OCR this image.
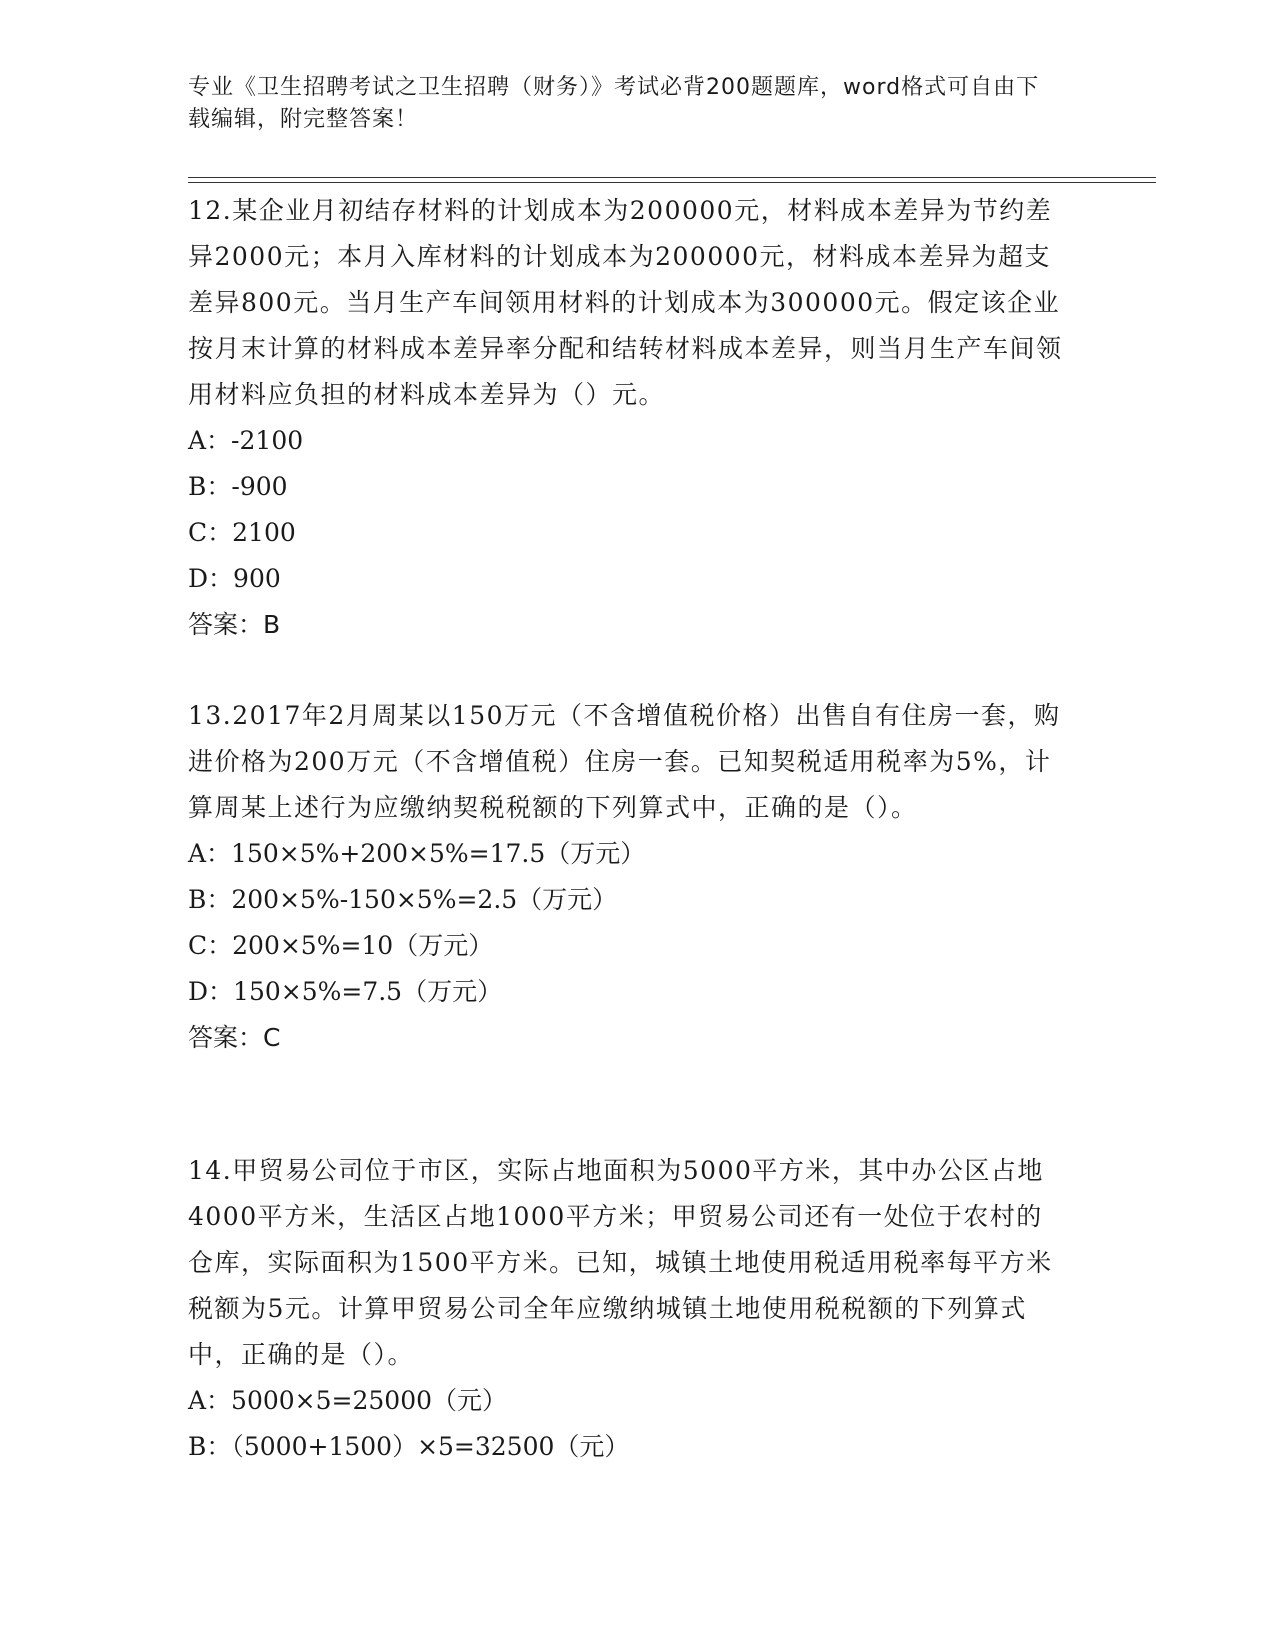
专业《卫生招聘考试之卫生招聘（财务）》考试必背200题题库，word格式可自由下载编辑，附完整答案！

12.某企业月初结存材料的计划成本为200000元，材料成本差异为节约差异2000元；本月入库材料的计划成本为200000元，材料成本差异为超支差异800元。当月生产车间领用材料的计划成本为300000元。假定该企业按月末计算的材料成本差异率分配和结转材料成本差异，则当月生产车间领用材料应负担的材料成本差异为（）元。

A：-2100

B：-900

C：2100

D：900

答案：B

13.2017年2月周某以150万元（不含增值税价格）出售自有住房一套，购进价格为200万元（不含增值税）住房一套。已知契税适用税率为5%，计算周某上述行为应缴纳契税税额的下列算式中，正确的是（）。

A：150×5%+200×5%=17.5（万元）

B：200×5%-150×5%=2.5（万元）

C：200×5%=10（万元）

D：150×5%=7.5（万元）

答案：C

14.甲贸易公司位于市区，实际占地面积为5000平方米，其中办公区占地4000平方米，生活区占地1000平方米；甲贸易公司还有一处位于农村的仓库，实际面积为1500平方米。已知，城镇土地使用税适用税率每平方米税额为5元。计算甲贸易公司全年应缴纳城镇土地使用税税额的下列算式中，正确的是（）。

A：5000×5=25000（元）

B：（5000+1500）×5=32500（元）
